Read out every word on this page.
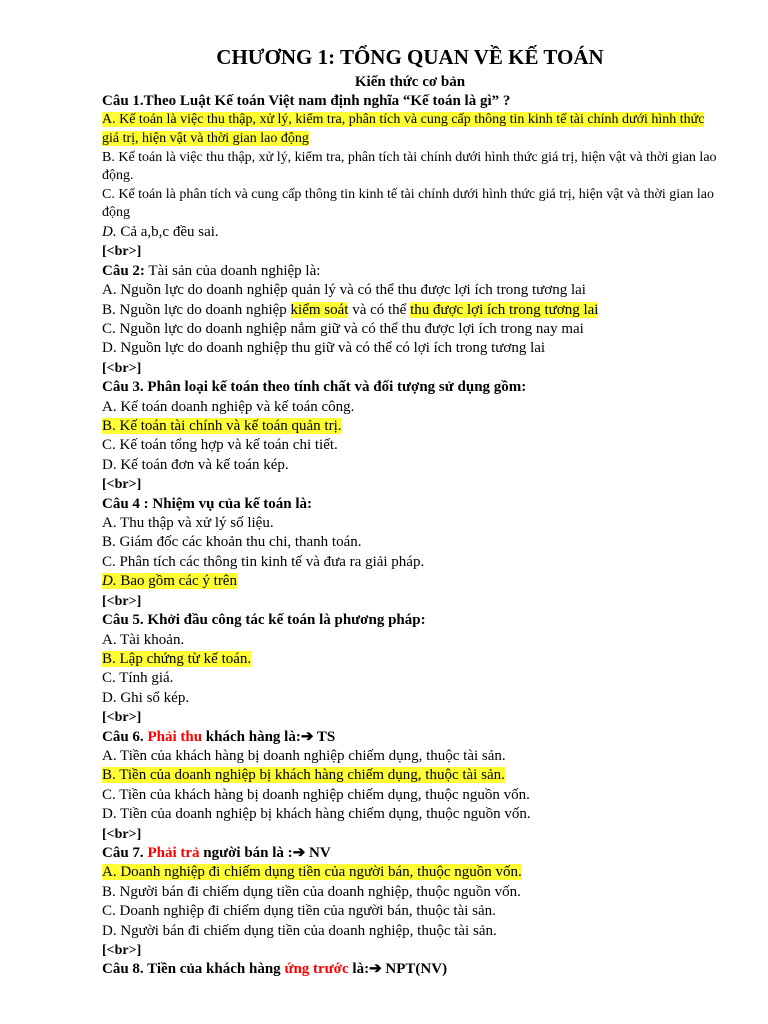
CHƯƠNG 1: TỔNG QUAN VỀ KẾ TOÁN

Kiến thức cơ bản

Câu 1.Theo Luật Kế toán Việt nam định nghĩa “Kế toán là gì” ?

A. Kế toán là việc thu thập, xử lý, kiểm tra, phân tích và cung cấp thông tin kinh tế tài chính dưới hình thức giá trị, hiện vật và thời gian lao động

B. Kế toán là việc thu thập, xử lý, kiểm tra, phân tích tài chính dưới hình thức giá trị, hiện vật và thời gian lao động.

C. Kế toán là phân tích và cung cấp thông tin kinh tế tài chính dưới hình thức giá trị, hiện vật và thời gian lao động

D. Cả a,b,c đều sai.

[<br>]

Câu 2: Tài sản của doanh nghiệp là:

A. Nguồn lực do doanh nghiệp quản lý và có thể thu được lợi ích trong tương lai

B. Nguồn lực do doanh nghiệp kiểm soát và có thể thu được lợi ích trong tương lai

C. Nguồn lực do doanh nghiệp nắm giữ và có thể thu được lợi ích trong nay mai

D. Nguồn lực do doanh nghiệp thu giữ và có thể có lợi ích trong tương lai

[<br>]

Câu 3. Phân loại kế toán theo tính chất và đối tượng sử dụng gồm:

A. Kế toán doanh nghiệp và kế toán công.

B. Kế toán tài chính và kế toán quản trị.

C. Kế toán tổng hợp và kế toán chi tiết.

D. Kế toán đơn và kế toán kép.

[<br>]

Câu 4 : Nhiệm vụ của kế toán là:

A. Thu thập và xử lý số liệu.

B. Giám đốc các khoản thu chi, thanh toán.

C. Phân tích các thông tin kinh tế và đưa ra giải pháp.

D. Bao gồm các ý trên

[<br>]

Câu 5. Khởi đầu công tác kế toán là phương pháp:

A. Tài khoản.

B. Lập chứng từ kế toán.

C. Tính giá.

D. Ghi sổ kép.

[<br>]

Câu 6. Phải thu khách hàng là:➔ TS

A. Tiền của khách hàng bị doanh nghiệp chiếm dụng, thuộc tài sản.

B. Tiền của doanh nghiệp bị khách hàng chiếm dụng, thuộc tài sản.

C. Tiền của khách hàng bị doanh nghiệp chiếm dụng, thuộc nguồn vốn.

D. Tiền của doanh nghiệp bị khách hàng chiếm dụng, thuộc nguồn vốn.

[<br>]

Câu 7. Phải trả người bán là :➔ NV

A. Doanh nghiệp đi chiếm dụng tiền của người bán, thuộc nguồn vốn.

B. Người bán đi chiếm dụng tiền của doanh nghiệp, thuộc nguồn vốn.

C. Doanh nghiệp đi chiếm dụng tiền của người bán, thuộc tài sản.

D. Người bán đi chiếm dụng tiền của doanh nghiệp, thuộc tài sản.

[<br>]

Câu 8. Tiền của khách hàng ứng trước là:➔ NPT(NV)
